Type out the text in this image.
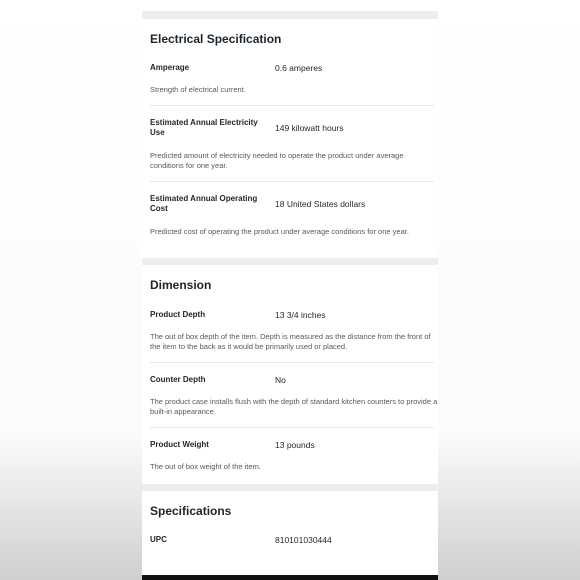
Electrical Specification
Amperage	0.6 amperes
Strength of electrical current.
Estimated Annual Electricity Use	149 kilowatt hours
Predicted amount of electricity needed to operate the product under average conditions for one year.
Estimated Annual Operating Cost	18 United States dollars
Predicted cost of operating the product under average conditions for one year.
Dimension
Product Depth	13 3/4 inches
The out of box depth of the item. Depth is measured as the distance from the front of the item to the back as it would be primarily used or placed.
Counter Depth	No
The product case installs flush with the depth of standard kitchen counters to provide a built-in appearance.
Product Weight	13 pounds
The out of box weight of the item.
Specifications
UPC	810101030444
